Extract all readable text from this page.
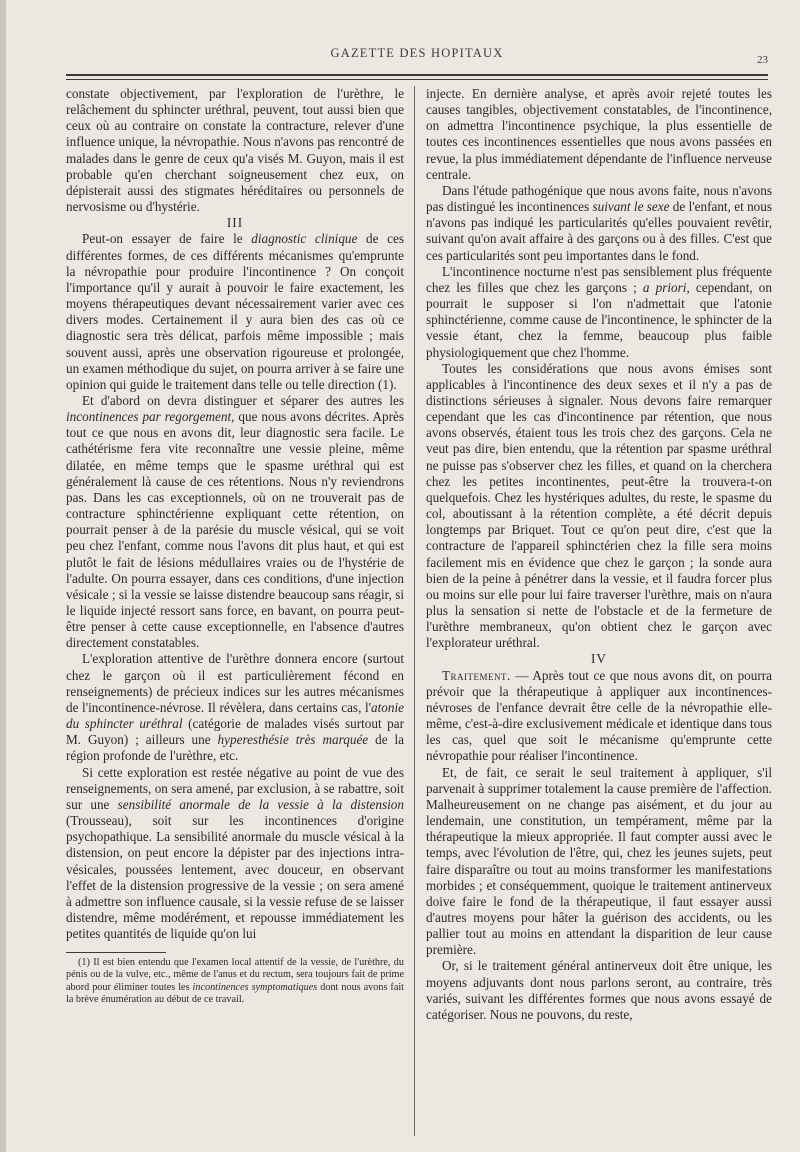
GAZETTE DES HOPITAUX	23

constate objectivement, par l'exploration de l'urèthre, le relâchement du sphincter uréthral, peuvent, tout aussi bien que ceux où au contraire on constate la contracture, relever d'une influence unique, la névropathie. Nous n'avons pas rencontré de malades dans le genre de ceux qu'a visés M. Guyon, mais il est probable qu'en cherchant soigneusement chez eux, on dépisterait aussi des stigmates héréditaires ou personnels de nervosisme ou d'hystérie.

III

Peut-on essayer de faire le diagnostic clinique de ces différentes formes, de ces différents mécanismes qu'emprunte la névropathie pour produire l'incontinence ? On conçoit l'importance qu'il y aurait à pouvoir le faire exactement, les moyens thérapeutiques devant nécessairement varier avec ces divers modes. Certainement il y aura bien des cas où ce diagnostic sera très délicat, parfois même impossible ; mais souvent aussi, après une observation rigoureuse et prolongée, un examen méthodique du sujet, on pourra arriver à se faire une opinion qui guide le traitement dans telle ou telle direction (1).

Et d'abord on devra distinguer et séparer des autres les incontinences par regorgement, que nous avons décrites. Après tout ce que nous en avons dit, leur diagnostic sera facile. Le cathétérisme fera vite reconnaître une vessie pleine, même dilatée, en même temps que le spasme uréthral qui est généralement là cause de ces rétentions. Nous n'y reviendrons pas. Dans les cas exceptionnels, où on ne trouverait pas de contracture sphinctérienne expliquant cette rétention, on pourrait penser à de la parésie du muscle vésical, qui se voit peu chez l'enfant, comme nous l'avons dit plus haut, et qui est plutôt le fait de lésions médullaires vraies ou de l'hystérie de l'adulte. On pourra essayer, dans ces conditions, d'une injection vésicale ; si la vessie se laisse distendre beaucoup sans réagir, si le liquide injecté ressort sans force, en bavant, on pourra peut-être penser à cette cause exceptionnelle, en l'absence d'autres directement constatables.

L'exploration attentive de l'urèthre donnera encore (surtout chez le garçon où il est particulièrement fécond en renseignements) de précieux indices sur les autres mécanismes de l'incontinence-névrose. Il révèlera, dans certains cas, l'atonie du sphincter uréthral (catégorie de malades visés surtout par M. Guyon) ; ailleurs une hyperesthésie très marquée de la région profonde de l'urèthre, etc.

Si cette exploration est restée négative au point de vue des renseignements, on sera amené, par exclusion, à se rabattre, soit sur une sensibilité anormale de la vessie à la distension (Trousseau), soit sur les incontinences d'origine psychopathique. La sensibilité anormale du muscle vésical à la distension, on peut encore la dépister par des injections intra-vésicales, poussées lentement, avec douceur, en observant l'effet de la distension progressive de la vessie ; on sera amené à admettre son influence causale, si la vessie refuse de se laisser distendre, même modérément, et repousse immédiatement les petites quantités de liquide qu'on lui

(1) Il est bien entendu que l'examen local attentif de la vessie, de l'urèthre, du pénis ou de la vulve, etc., même de l'anus et du rectum, sera toujours fait de prime abord pour éliminer toutes les incontinences symptomatiques dont nous avons fait la brève énumération au début de ce travail.

injecte. En dernière analyse, et après avoir rejeté toutes les causes tangibles, objectivement constatables, de l'incontinence, on admettra l'incontinence psychique, la plus essentielle de toutes ces incontinences essentielles que nous avons passées en revue, la plus immédiatement dépendante de l'influence nerveuse centrale.

Dans l'étude pathogénique que nous avons faite, nous n'avons pas distingué les incontinences suivant le sexe de l'enfant, et nous n'avons pas indiqué les particularités qu'elles pouvaient revêtir, suivant qu'on avait affaire à des garçons ou à des filles. C'est que ces particularités sont peu importantes dans le fond.

L'incontinence nocturne n'est pas sensiblement plus fréquente chez les filles que chez les garçons ; a priori, cependant, on pourrait le supposer si l'on n'admettait que l'atonie sphinctérienne, comme cause de l'incontinence, le sphincter de la vessie étant, chez la femme, beaucoup plus faible physiologiquement que chez l'homme.

Toutes les considérations que nous avons émises sont applicables à l'incontinence des deux sexes et il n'y a pas de distinctions sérieuses à signaler. Nous devons faire remarquer cependant que les cas d'incontinence par rétention, que nous avons observés, étaient tous les trois chez des garçons. Cela ne veut pas dire, bien entendu, que la rétention par spasme uréthral ne puisse pas s'observer chez les filles, et quand on la cherchera chez les petites incontinentes, peut-être la trouvera-t-on quelquefois. Chez les hystériques adultes, du reste, le spasme du col, aboutissant à la rétention complète, a été décrit depuis longtemps par Briquet. Tout ce qu'on peut dire, c'est que la contracture de l'appareil sphinctérien chez la fille sera moins facilement mis en évidence que chez le garçon ; la sonde aura bien de la peine à pénétrer dans la vessie, et il faudra forcer plus ou moins sur elle pour lui faire traverser l'urèthre, mais on n'aura plus la sensation si nette de l'obstacle et de la fermeture de l'urèthre membraneux, qu'on obtient chez le garçon avec l'explorateur uréthral.

IV

Traitement. — Après tout ce que nous avons dit, on pourra prévoir que la thérapeutique à appliquer aux incontinences-névroses de l'enfance devrait être celle de la névropathie elle-même, c'est-à-dire exclusivement médicale et identique dans tous les cas, quel que soit le mécanisme qu'emprunte cette névropathie pour réaliser l'incontinence.

Et, de fait, ce serait le seul traitement à appliquer, s'il parvenait à supprimer totalement la cause première de l'affection. Malheureusement on ne change pas aisément, et du jour au lendemain, une constitution, un tempérament, même par la thérapeutique la mieux appropriée. Il faut compter aussi avec le temps, avec l'évolution de l'être, qui, chez les jeunes sujets, peut faire disparaître ou tout au moins transformer les manifestations morbides ; et conséquemment, quoique le traitement antinerveux doive faire le fond de la thérapeutique, il faut essayer aussi d'autres moyens pour hâter la guérison des accidents, ou les pallier tout au moins en attendant la disparition de leur cause première.

Or, si le traitement général antinerveux doit être unique, les moyens adjuvants dont nous parlons seront, au contraire, très variés, suivant les différentes formes que nous avons essayé de catégoriser. Nous ne pouvons, du reste,
